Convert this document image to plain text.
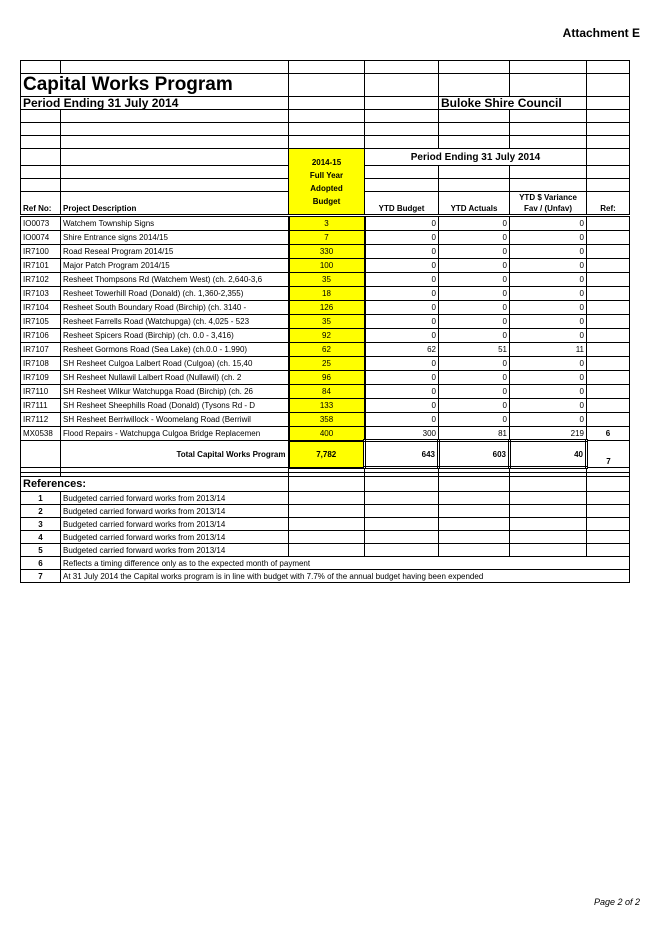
Attachment E

Capital Works Program						
Period Ending 31 July 2014				Buloke Shire Council		

		2014-15
Full Year
Adopted
Budget	Period Ending 31 July 2014			

Ref No:	Project Description		YTD Budget	YTD Actuals	YTD $ Variance
Fav / (Unfav)	Ref:
IO0073	Watchem Township Signs	3	0	0	0	
IO0074	Shire Entrance signs 2014/15	7	0	0	0	
IR7100	Road Reseal Program 2014/15	330	0	0	0	
IR7101	Major Patch Program 2014/15	100	0	0	0	
IR7102	Resheet Thompsons Rd (Watchem West) (ch. 2,640-3,6	35	0	0	0	
IR7103	Resheet Towerhill Road (Donald) (ch. 1,360-2,355)	18	0	0	0	
IR7104	Resheet South Boundary Road (Birchip) (ch. 3140 -	126	0	0	0	
IR7105	Resheet Farrells Road (Watchupga) (ch. 4,025 - 523	35	0	0	0	
IR7106	Resheet Spicers Road (Birchip) (ch. 0.0 - 3,416)	92	0	0	0	
IR7107	Resheet Gormons Road (Sea Lake) (ch.0.0 - 1.990)	62	62	51	11	
IR7108	SH Resheet Culgoa Lalbert Road (Culgoa) (ch. 15,40	25	0	0	0	
IR7109	SH Resheet Nullawil Lalbert Road (Nullawil) (ch. 2	96	0	0	0	
IR7110	SH Resheet Wilkur Watchupga Road (Birchip) (ch. 26	84	0	0	0	
IR7111	SH Resheet Sheephills Road (Donald) (Tysons Rd - D	133	0	0	0	
IR7112	SH Resheet Berriwillock - Woomelang Road (Berriwil	358	0	0	0	
MX0538	Flood Repairs - Watchupga Culgoa Bridge Replacemen	400	300	81	219	6
	Total Capital Works Program	7,782	643	603	40	7

References:						
1	Budgeted carried forward works from 2013/14					
2	Budgeted carried forward works from 2013/14					
3	Budgeted carried forward works from 2013/14					
4	Budgeted carried forward works from 2013/14					
5	Budgeted carried forward works from 2013/14					
6	Reflects a timing difference only as to the expected month of payment					
7	At 31 July 2014 the Capital works program is in line with budget with 7.7% of the annual budget having been expended					
Page 2 of 2
